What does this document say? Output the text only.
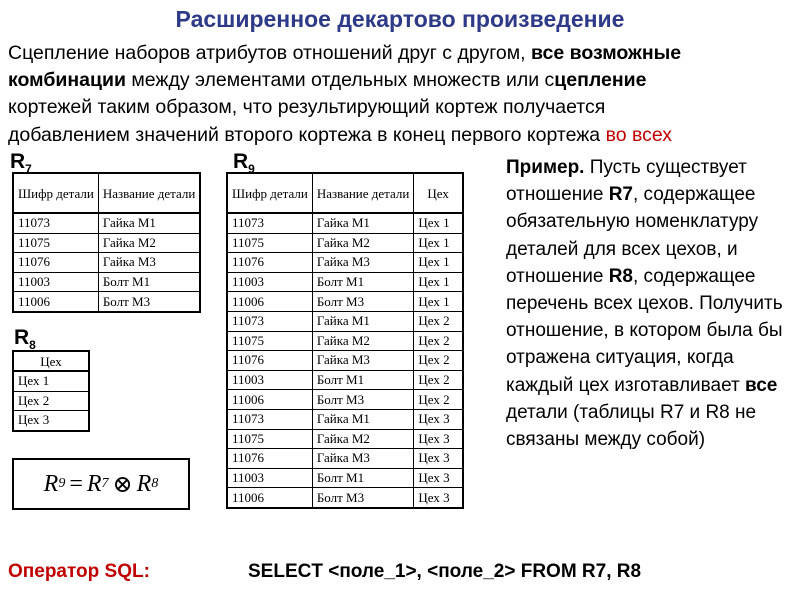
Расширенное декартово произведение
Сцепление наборов атрибутов отношений друг с другом, все возможные
комбинации между элементами отдельных множеств или сцепление
кортежей таким образом, что результирующий кортеж получается
добавлением значений второго кортежа в конец первого кортежа во всех
$R_7$	$R_9$
$R_8$
Шифр детали	Название детали
11073	Гайка М1
11075	Гайка М2
11076	Гайка М3
11003	Болт М1
11006	Болт М3
Шифр детали	Название детали	Цех
11073	Гайка М1	Цех 1
11075	Гайка М2	Цех 1
11076	Гайка М3	Цех 1
11003	Болт М1	Цех 1
11006	Болт М3	Цех 1
11073	Гайка М1	Цех 2
11075	Гайка М2	Цех 2
11076	Гайка М3	Цех 2
11003	Болт М1	Цех 2
11006	Болт М3	Цех 2
11073	Гайка М1	Цех 3
11075	Гайка М2	Цех 3
11076	Гайка М3	Цех 3
11003	Болт М1	Цех 3
11006	Болт М3	Цех 3
Цех
Цех 1
Цех 2
Цех 3
R 9 = R 7 ⊗ R 8
Пример. Пусть существует отношение R7, содержащее обязательную номенклатуру деталей для всех цехов, и отношение R8, содержащее перечень всех цехов. Получить отношение, в котором была бы отражена ситуация, когда каждый цех изготавливает все детали (таблицы R7 и R8 не связаны между собой)
Оператор SQL:	SELECT <поле_1>, <поле_2> FROM R7, R8
